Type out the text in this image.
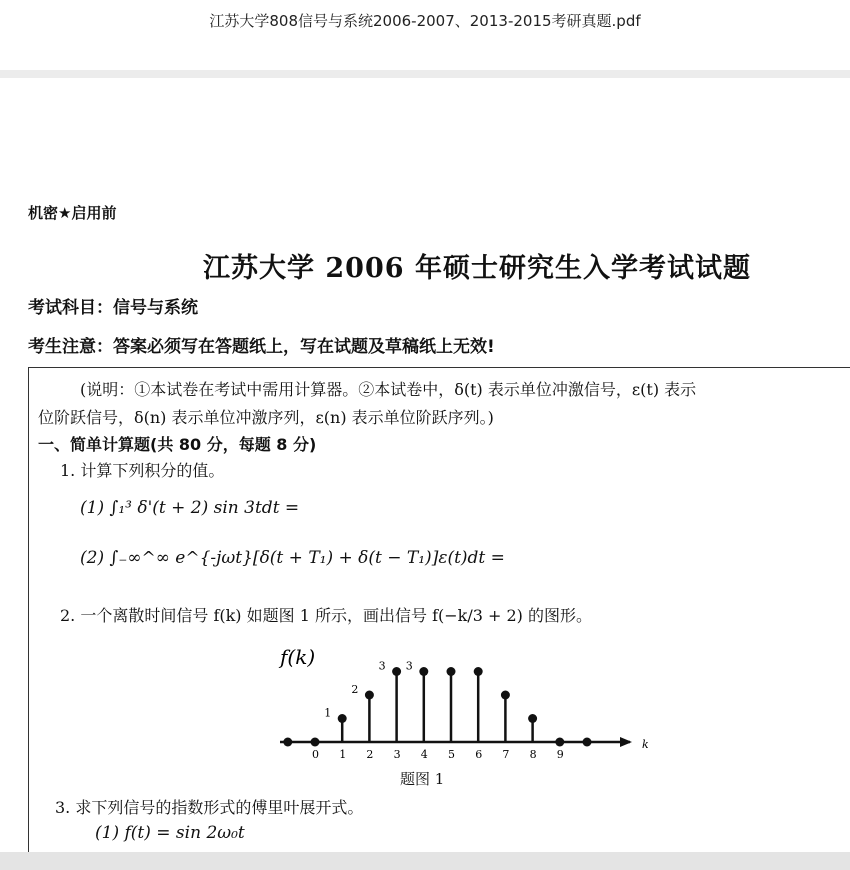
江苏大学808信号与系统2006-2007、2013-2015考研真题.pdf
机密★启用前
江苏大学 2006 年硕士研究生入学考试试题
考试科目：信号与系统
考生注意：答案必须写在答题纸上，写在试题及草稿纸上无效!
(说明：①本试卷在考试中需用计算器。②本试卷中，δ(t) 表示单位冲激信号，ε(t) 表示
位阶跃信号，δ(n) 表示单位冲激序列，ε(n) 表示单位阶跃序列。)
一、简单计算题(共 80 分，每题 8 分)
1. 计算下列积分的值。
(1) ∫₁³ δ'(t + 2) sin 3tdt =
(2) ∫₋∞^∞ e^{-jωt}[δ(t + T₁) + δ(t − T₁)]ε(t)dt =
2. 一个离散时间信号 f(k) 如题图 1 所示，画出信号 f(−k/3 + 2) 的图形。
f(k)
k
1
2
3 3
0 1 2 3 4 5 6 7 8 9
题图 1
3. 求下列信号的指数形式的傅里叶展开式。
(1) f(t) = sin 2ω₀t
